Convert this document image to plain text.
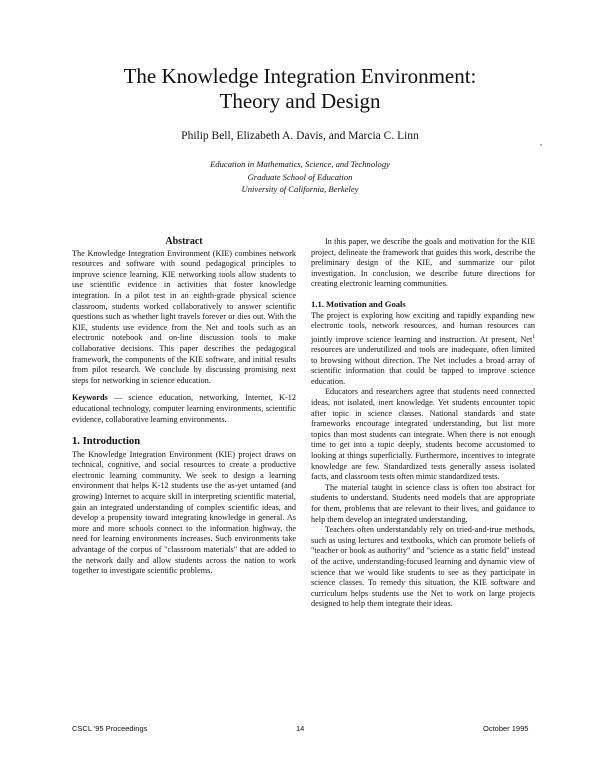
The Knowledge Integration Environment:
Theory and Design
Philip Bell, Elizabeth A. Davis, and Marcia C. Linn
Education in Mathematics, Science, and Technology
Graduate School of Education
University of California, Berkeley
,
Abstract

The Knowledge Integration Environment (KIE) combines network resources and software with sound pedagogical principles to improve science learning. KIE networking tools allow students to use scientific evidence in activities that foster knowledge integration. In a pilot test in an eighth-grade physical science classroom, students worked collaboratively to answer scientific questions such as whether light travels forever or dies out. With the KIE, students use evidence from the Net and tools such as an electronic notebook and on-line discussion tools to make collaborative decisions. This paper describes the pedagogical framework, the components of the KIE software, and initial results from pilot research. We conclude by discussing promising next steps for networking in science education.

Keywords — science education, networking, Internet, K-12 educational technology, computer learning environments, scientific evidence, collaborative learning environments.

1. Introduction

The Knowledge Integration Environment (KIE) project draws on technical, cognitive, and social resources to create a productive electronic learning community. We seek to design a learning environment that helps K-12 students use the as-yet untamed (and growing) Internet to acquire skill in interpreting scientific material, gain an integrated understanding of complex scientific ideas, and develop a propensity toward integrating knowledge in general. As more and more schools connect to the information highway, the need for learning environments increases. Such environments take advantage of the corpus of "classroom materials" that are added to the network daily and allow students across the nation to work together to investigate scientific problems.

In this paper, we describe the goals and motivation for the KIE project, delineate the framework that guides this work, describe the preliminary design of the KIE, and summarize our pilot investigation. In conclusion, we describe future directions for creating electronic learning communities.

1.1. Motivation and Goals

The project is exploring how exciting and rapidly expanding new electronic tools, network resources, and human resources can jointly improve science learning and instruction. At present, Net$^1$ resources are underutilized and tools are inadequate, often limited to browsing without direction. The Net includes a broad array of scientific information that could be tapped to improve science education.

Educators and researchers agree that students need connected ideas, not isolated, inert knowledge. Yet students encounter topic after topic in science classes. National standards and state frameworks encourage integrated understanding, but list more topics than most students can integrate. When there is not enough time to get into a topic deeply, students become accustomed to looking at things superficially. Furthermore, incentives to integrate knowledge are few. Standardized tests generally assess isolated facts, and classroom tests often mimic standardized tests.

The material taught in science class is often too abstract for students to understand. Students need models that are appropriate for them, problems that are relevant to their lives, and guidance to help them develop an integrated understanding.

Teachers often understandably rely on tried-and-true methods, such as using lectures and textbooks, which can promote beliefs of "teacher or book as authority" and "science as a static field" instead of the active, understanding-focused learning and dynamic view of science that we would like students to see as they participate in science classes. To remedy this situation, the KIE software and curriculum helps students use the Net to work on large projects designed to help them integrate their ideas.

CSCL '95 Proceedings	14	October 1995
